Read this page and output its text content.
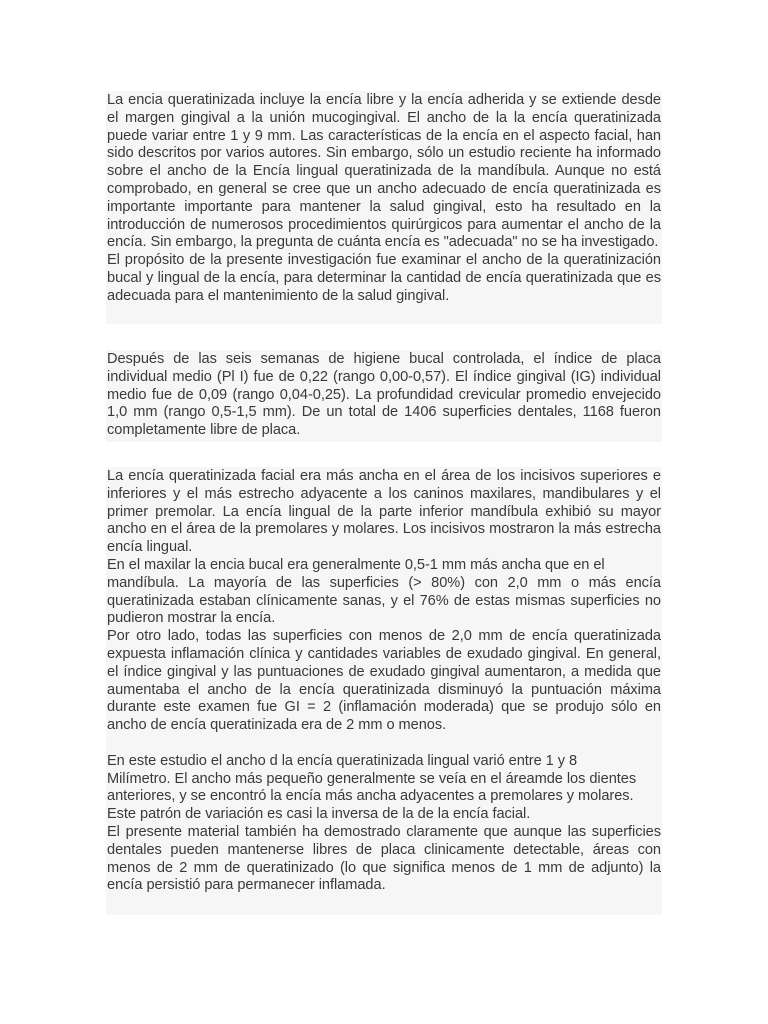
La encia queratinizada incluye la encía libre y la encía adherida y se extiende desde el margen gingival a la unión mucogingival. El ancho de la la encía queratinizada puede variar entre 1 y 9 mm. Las características de la encía en el aspecto facial, han sido descritos por varios autores. Sin embargo, sólo un estudio reciente ha informado sobre el ancho de la Encía lingual queratinizada de la mandíbula. Aunque no está comprobado, en general se cree que un ancho adecuado de encía queratinizada es importante importante para mantener la salud gingival, esto ha resultado en la introducción de numerosos procedimientos quirúrgicos para aumentar el ancho de la encía. Sin embargo, la pregunta de cuánta encía es "adecuada" no se ha investigado.

El propósito de la presente investigación fue examinar el ancho de la queratinización bucal y lingual de la encía, para determinar la cantidad de encía queratinizada que es adecuada para el mantenimiento de la salud gingival.

Después de las seis semanas de higiene bucal controlada, el índice de placa individual medio (Pl I) fue de 0,22 (rango 0,00-0,57). El índice gingival (IG) individual medio fue de 0,09 (rango 0,04-0,25). La profundidad crevicular promedio envejecido 1,0 mm (rango 0,5-1,5 mm). De un total de 1406 superficies dentales, 1168 fueron completamente libre de placa.

La encía queratinizada facial era más ancha en el área de los incisivos superiores e inferiores y el más estrecho adyacente a los caninos maxilares, mandibulares y el primer premolar. La encía lingual de la parte inferior mandíbula exhibió su mayor ancho en el área de la premolares y molares. Los incisivos mostraron la más estrecha encía lingual.

En el maxilar la encia bucal era generalmente 0,5-1 mm más ancha que en el

mandíbula. La mayoría de las superficies (> 80%) con 2,0 mm o más encía queratinizada estaban clínicamente sanas, y el 76% de estas mismas superficies no pudieron mostrar la encía.

Por otro lado, todas las superficies con menos de 2,0 mm de encía queratinizada expuesta inflamación clínica y cantidades variables de exudado gingival. En general, el índice gingival y las puntuaciones de exudado gingival aumentaron, a medida que aumentaba el ancho de la encía queratinizada disminuyó la puntuación máxima durante este examen fue GI = 2 (inflamación moderada) que se produjo sólo en ancho de encía queratinizada era de 2 mm o menos.

En este estudio el ancho d la encía queratinizada lingual varió entre 1 y 8

Milímetro. El ancho más pequeño generalmente se veía en el áreamde los dientes anteriores, y se encontró la encía más ancha adyacentes a premolares y molares. Este patrón de variación es casi la inversa de la de la encía facial.

El presente material también ha demostrado claramente que aunque las superficies dentales pueden mantenerse libres de placa clinicamente detectable, áreas con menos de 2 mm de queratinizado (lo que significa menos de 1 mm de adjunto) la encía persistió para permanecer inflamada.
